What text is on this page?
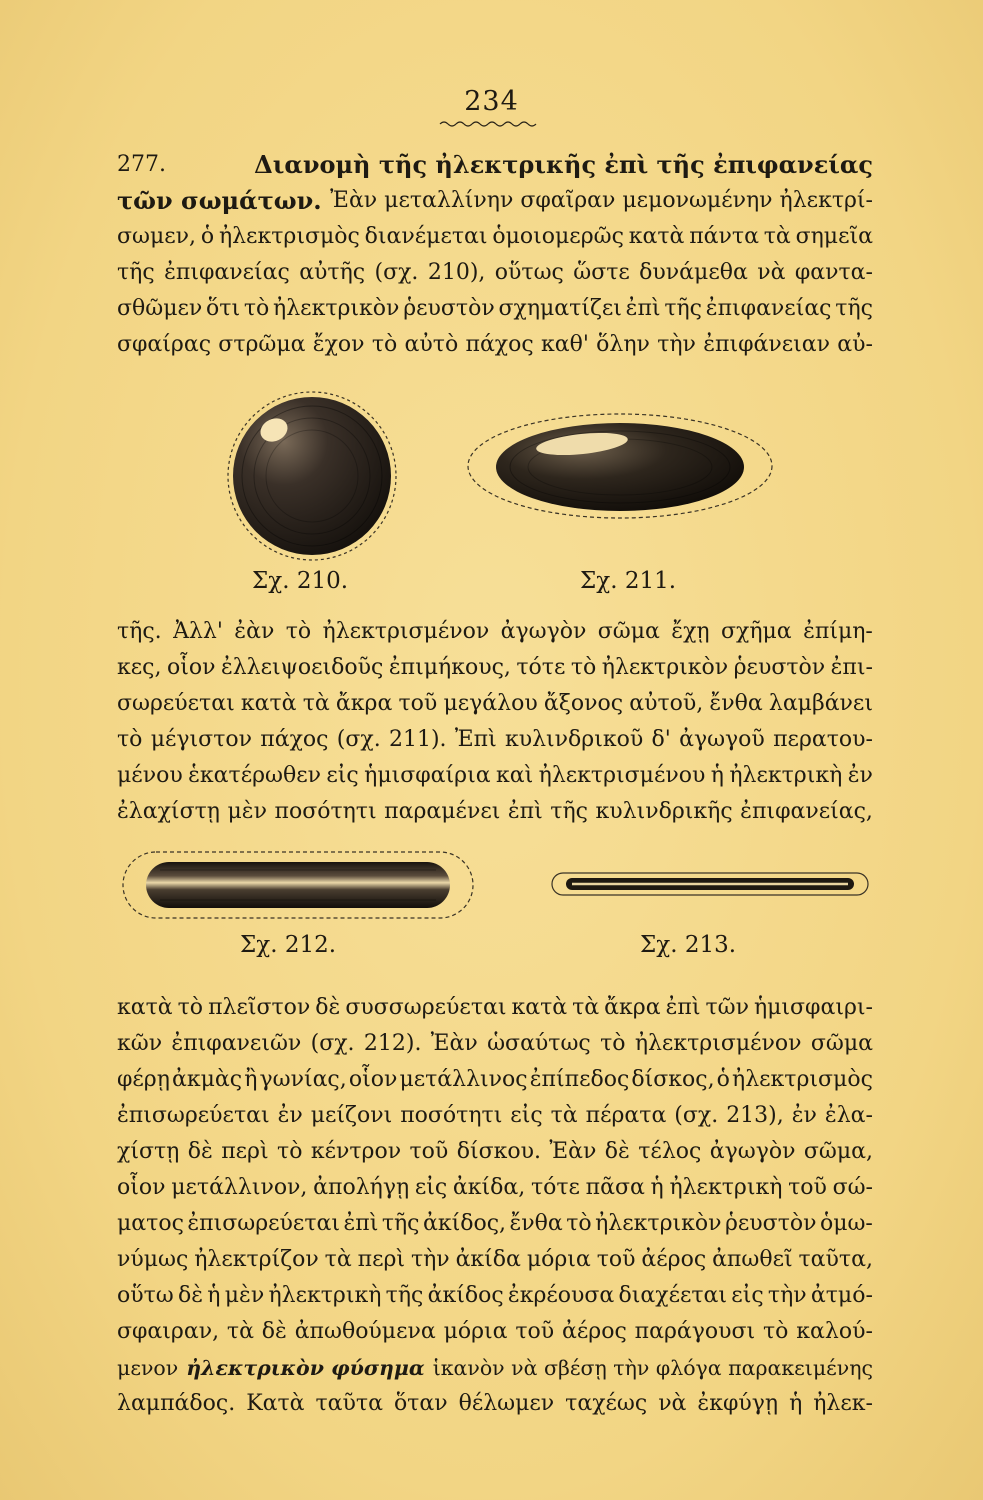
234
277.	Διανομὴ τῆς ἠλεκτρικῆς ἐπὶ τῆς ἐπιφανείας
τῶν σωμάτων. Ἐὰν μεταλλίνην σφαῖραν μεμονωμένην ἠλεκτρί-
σωμεν, ὁ ἠλεκτρισμὸς διανέμεται ὁμοιομερῶς κατὰ πάντα τὰ σημεῖα
τῆς ἐπιφανείας αὐτῆς (σχ. 210), οὕτως ὥστε δυνάμεθα νὰ φαντα-
σθῶμεν ὅτι τὸ ἠλεκτρικὸν ῥευστὸν σχηματίζει ἐπὶ τῆς ἐπιφανείας τῆς
σφαίρας στρῶμα ἔχον τὸ αὐτὸ πάχος καθ' ὅλην τὴν ἐπιφάνειαν αὐ-
Σχ. 210.	Σχ. 211.
τῆς. Ἀλλ' ἐὰν τὸ ἠλεκτρισμένον ἀγωγὸν σῶμα ἔχῃ σχῆμα ἐπίμη-
κες, οἷον ἐλλειψοειδοῦς ἐπιμήκους, τότε τὸ ἠλεκτρικὸν ῥευστὸν ἐπι-
σωρεύεται κατὰ τὰ ἄκρα τοῦ μεγάλου ἄξονος αὐτοῦ, ἔνθα λαμβάνει
τὸ μέγιστον πάχος (σχ. 211). Ἐπὶ κυλινδρικοῦ δ' ἀγωγοῦ περατου-
μένου ἑκατέρωθεν εἰς ἡμισφαίρια καὶ ἠλεκτρισμένου ἡ ἠλεκτρικὴ ἐν
ἐλαχίστῃ μὲν ποσότητι παραμένει ἐπὶ τῆς κυλινδρικῆς ἐπιφανείας,
Σχ. 212.	Σχ. 213.
κατὰ τὸ πλεῖστον δὲ συσσωρεύεται κατὰ τὰ ἄκρα ἐπὶ τῶν ἡμισφαιρι-
κῶν ἐπιφανειῶν (σχ. 212). Ἐὰν ὡσαύτως τὸ ἠλεκτρισμένον σῶμα
φέρῃ ἀκμὰς ἢ γωνίας, οἷον μετάλλινος ἐπίπεδος δίσκος, ὁ ἠλεκτρισμὸς
ἐπισωρεύεται ἐν μείζονι ποσότητι εἰς τὰ πέρατα (σχ. 213), ἐν ἐλα-
χίστῃ δὲ περὶ τὸ κέντρον τοῦ δίσκου. Ἐὰν δὲ τέλος ἀγωγὸν σῶμα,
οἷον μετάλλινον, ἀπολήγῃ εἰς ἀκίδα, τότε πᾶσα ἡ ἠλεκτρικὴ τοῦ σώ-
ματος ἐπισωρεύεται ἐπὶ τῆς ἀκίδος, ἔνθα τὸ ἠλεκτρικὸν ῥευστὸν ὁμω-
νύμως ἠλεκτρίζον τὰ περὶ τὴν ἀκίδα μόρια τοῦ ἀέρος ἀπωθεῖ ταῦτα,
οὕτω δὲ ἡ μὲν ἠλεκτρικὴ τῆς ἀκίδος ἐκρέουσα διαχέεται εἰς τὴν ἀτμό-
σφαιραν, τὰ δὲ ἀπωθούμενα μόρια τοῦ ἀέρος παράγουσι τὸ καλού-
μενον ἠλεκτρικὸν φύσημα ἱκανὸν νὰ σβέσῃ τὴν φλόγα παρακειμένης
λαμπάδος. Κατὰ ταῦτα ὅταν θέλωμεν ταχέως νὰ ἐκφύγῃ ἡ ἠλεκ-
